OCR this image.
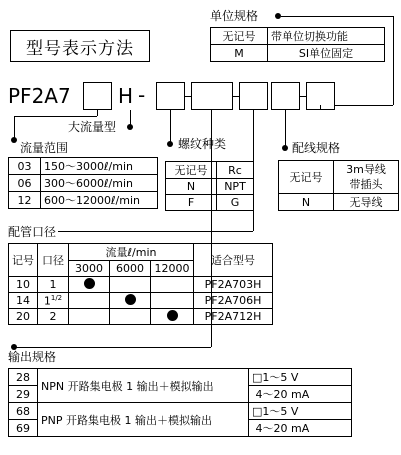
型号表示方法
单位规格
无记号	带单位切换功能
M	SI单位固定
PF2A7 H -
大流量型
流量范围
03	150～3000ℓ/min
06	300～6000ℓ/min
12	600～12000ℓ/min
螺纹种类
无记号	Rc
N	NPT
F	G
配线规格
无记号	3m导线
带插头

N	无导线
配管口径
记号	口径	流量ℓ/min			适合型号
		3000	6000	12000	
10	1				PF2A703H
14	$1^{1/2}$				PF2A706H
20	2				PF2A712H
输出规格
28	NPN 开路集电极 1 输出＋模拟输出	□1～5 V
29		4～20 mA
68	PNP 开路集电极 1 输出＋模拟输出	□1～5 V
69		4～20 mA
